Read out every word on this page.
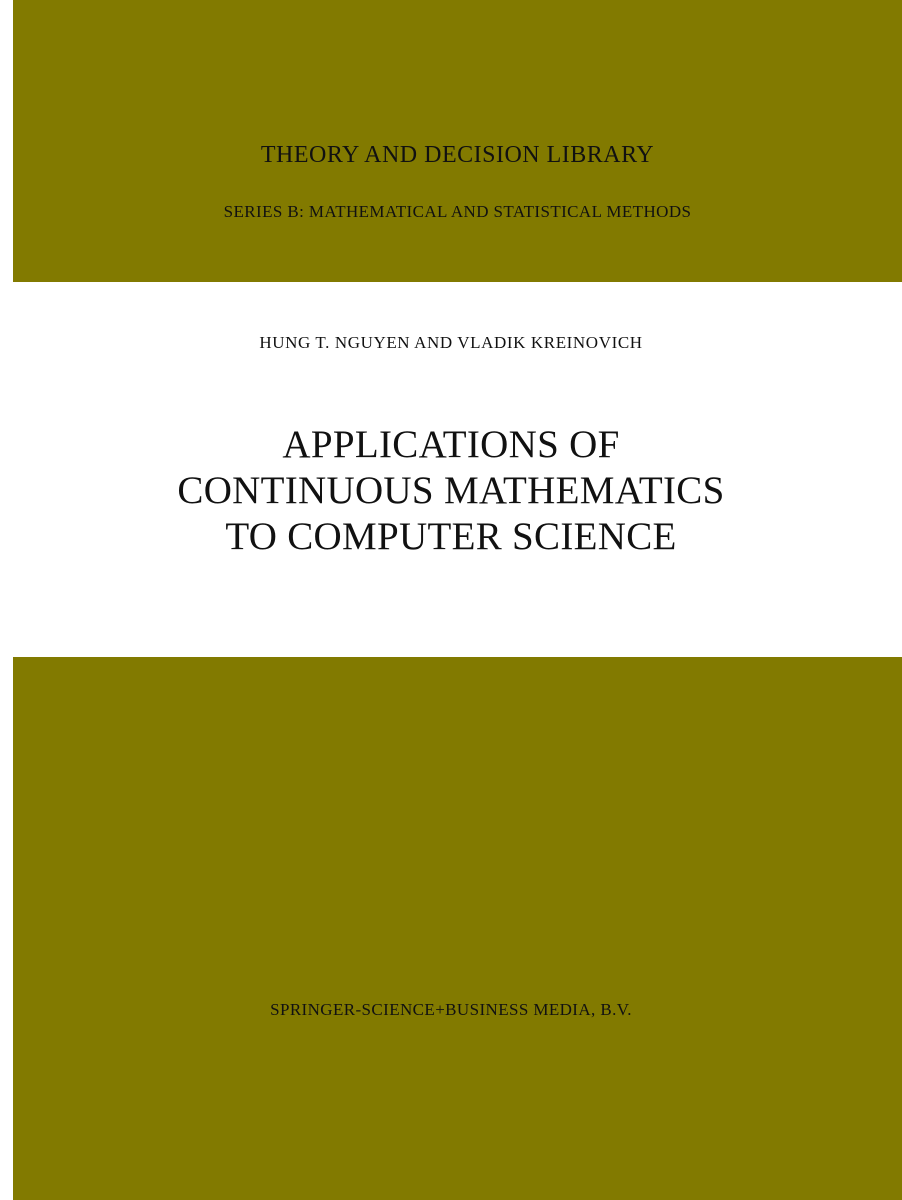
THEORY AND DECISION LIBRARY
SERIES B: MATHEMATICAL AND STATISTICAL METHODS
HUNG T. NGUYEN AND VLADIK KREINOVICH
APPLICATIONS OF
CONTINUOUS MATHEMATICS
TO COMPUTER SCIENCE
SPRINGER-SCIENCE+BUSINESS MEDIA, B.V.
